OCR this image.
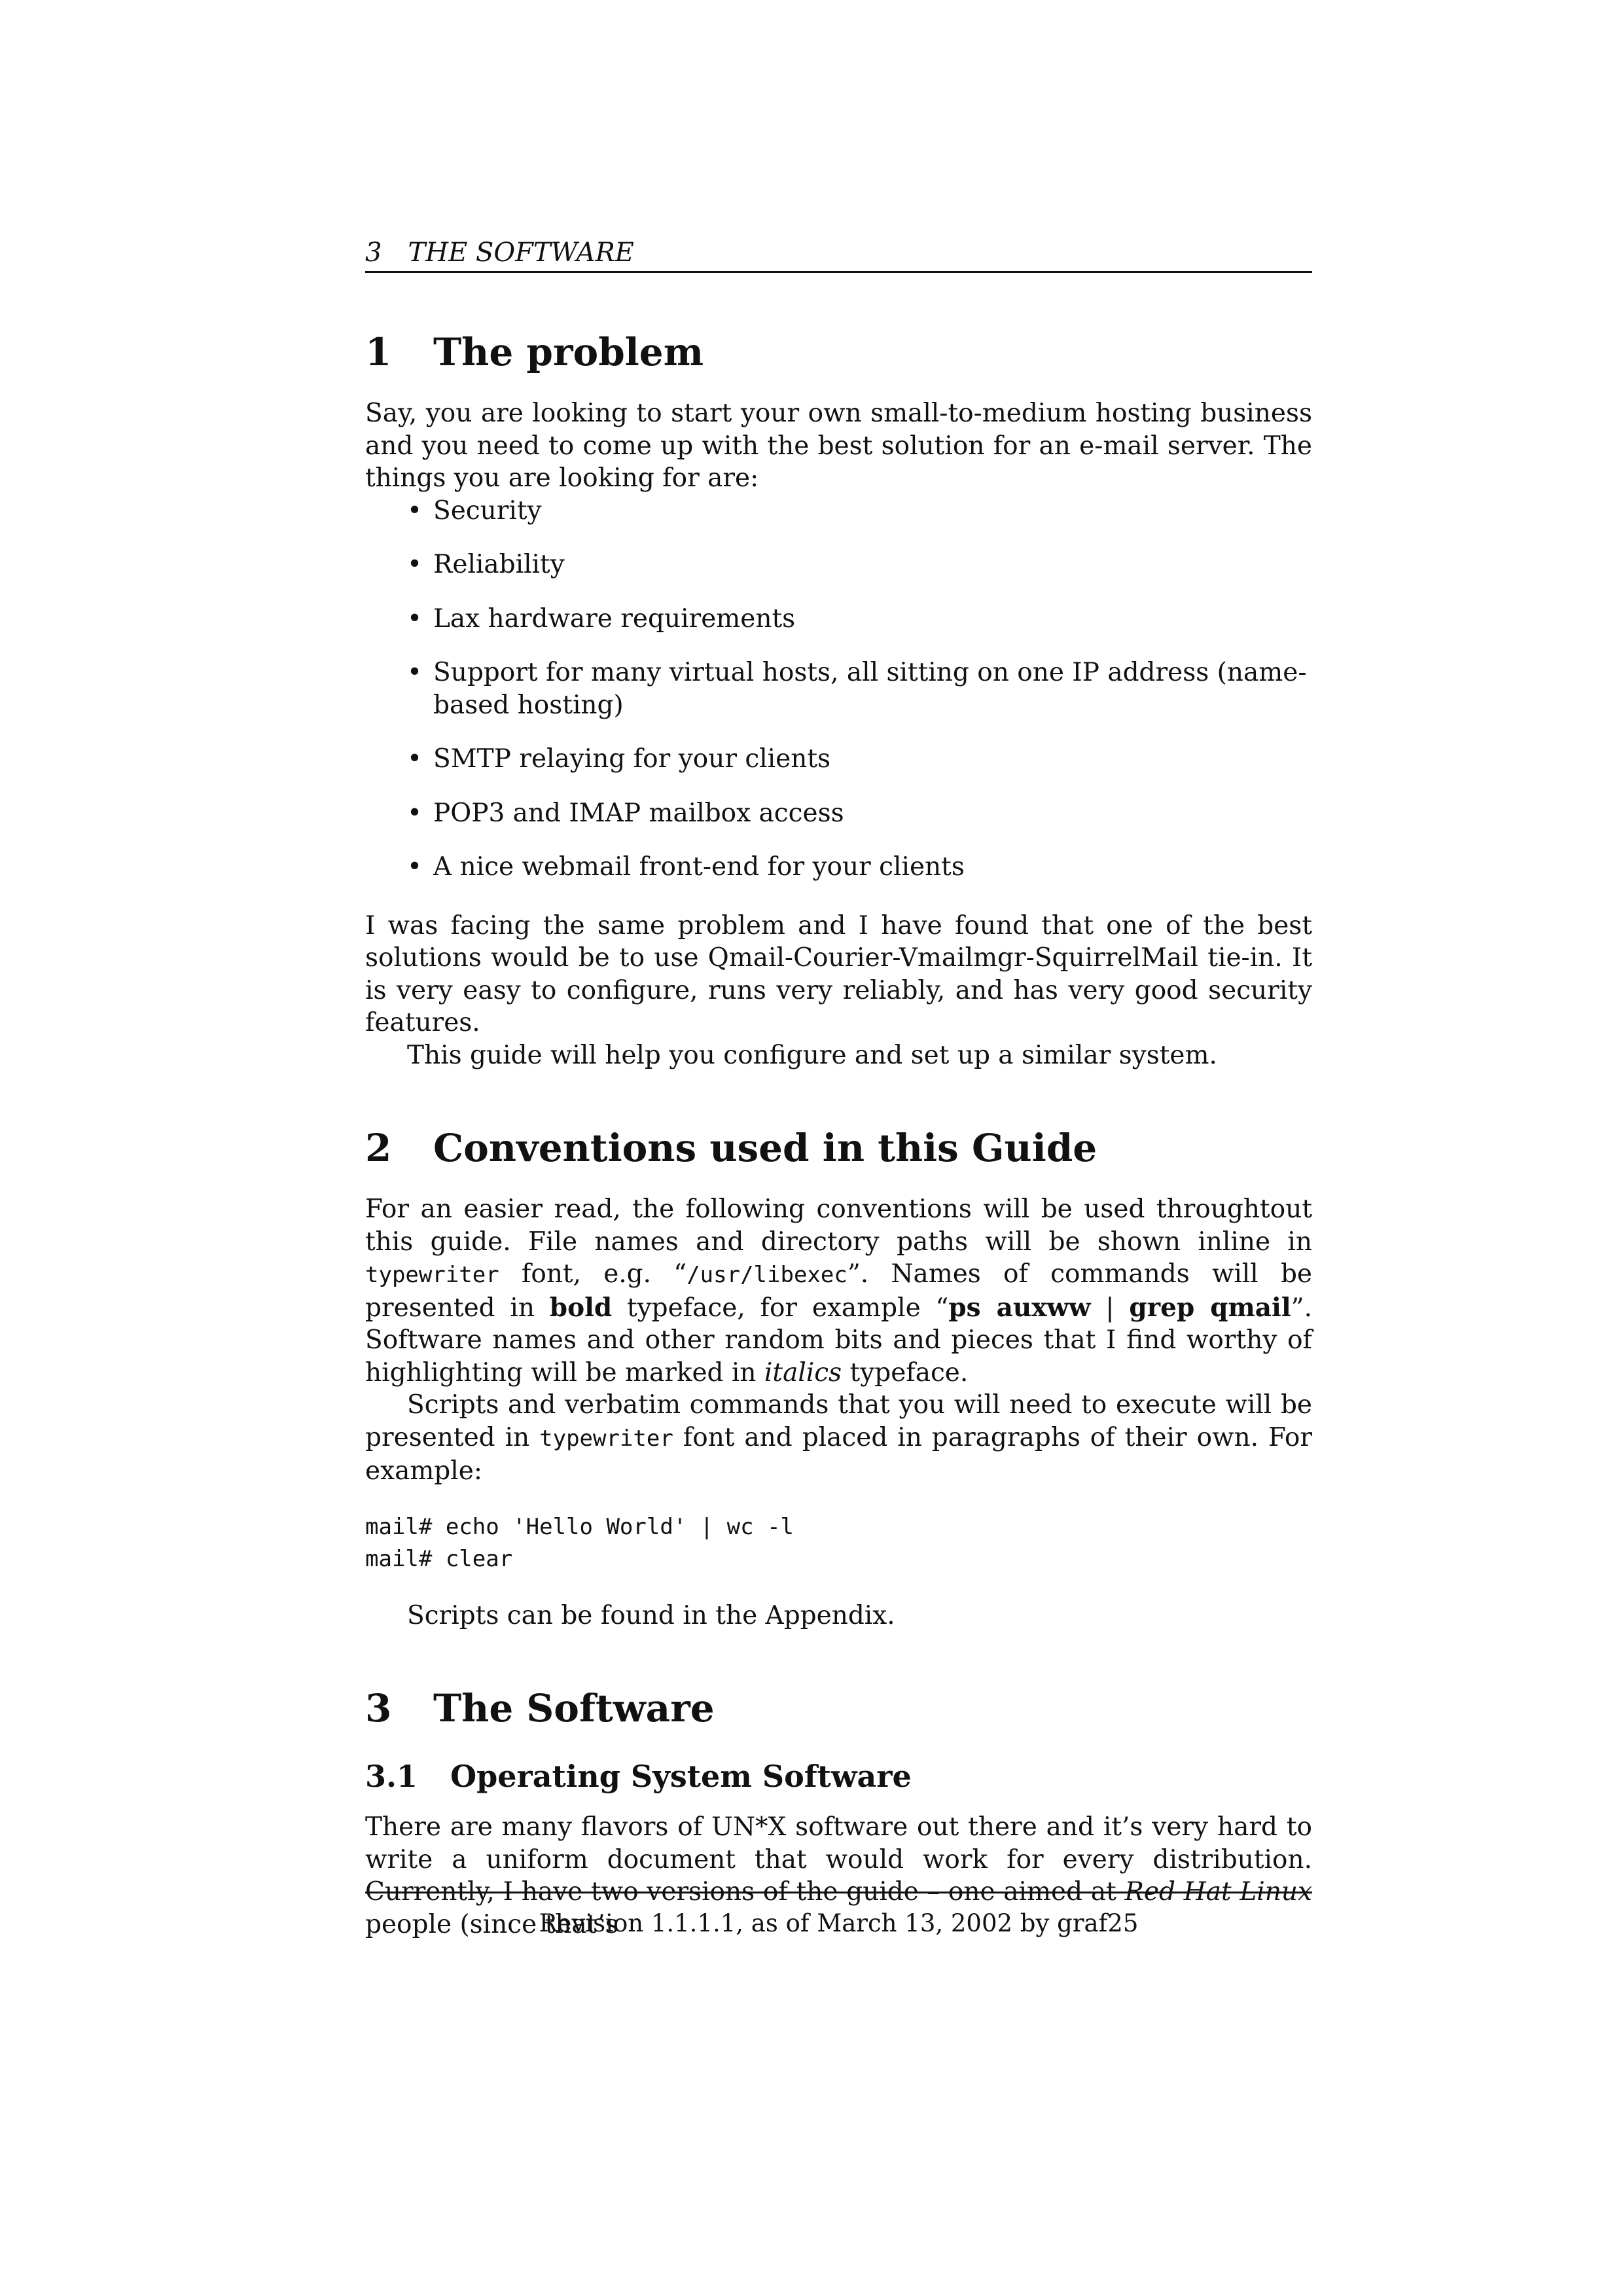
3 THE SOFTWARE
1 The problem

Say, you are looking to start your own small-to-medium hosting business and you need to come up with the best solution for an e-mail server. The things you are looking for are:

• Security
• Reliability
• Lax hardware requirements
• Support for many virtual hosts, all sitting on one IP address (name-based hosting)
• SMTP relaying for your clients
• POP3 and IMAP mailbox access
• A nice webmail front-end for your clients

I was facing the same problem and I have found that one of the best solutions would be to use Qmail-Courier-Vmailmgr-SquirrelMail tie-in. It is very easy to configure, runs very reliably, and has very good security features.

This guide will help you configure and set up a similar system.

2 Conventions used in this Guide

For an easier read, the following conventions will be used throughtout this guide. File names and directory paths will be shown inline in typewriter font, e.g. “/usr/libexec”. Names of commands will be presented in bold typeface, for example “ps auxww | grep qmail”. Software names and other random bits and pieces that I find worthy of highlighting will be marked in italics typeface.

Scripts and verbatim commands that you will need to execute will be presented in typewriter font and placed in paragraphs of their own. For example:

mail# echo 'Hello World' | wc -l
mail# clear

Scripts can be found in the Appendix.

3 The Software
3.1 Operating System Software

There are many flavors of UN*X software out there and it’s very hard to write a uniform document that would work for every distribution. Currently, I have two versions of the guide – one aimed at Red Hat Linux people (since that’s

Revision 1.1.1.1, as of March 13, 2002 by graf25
